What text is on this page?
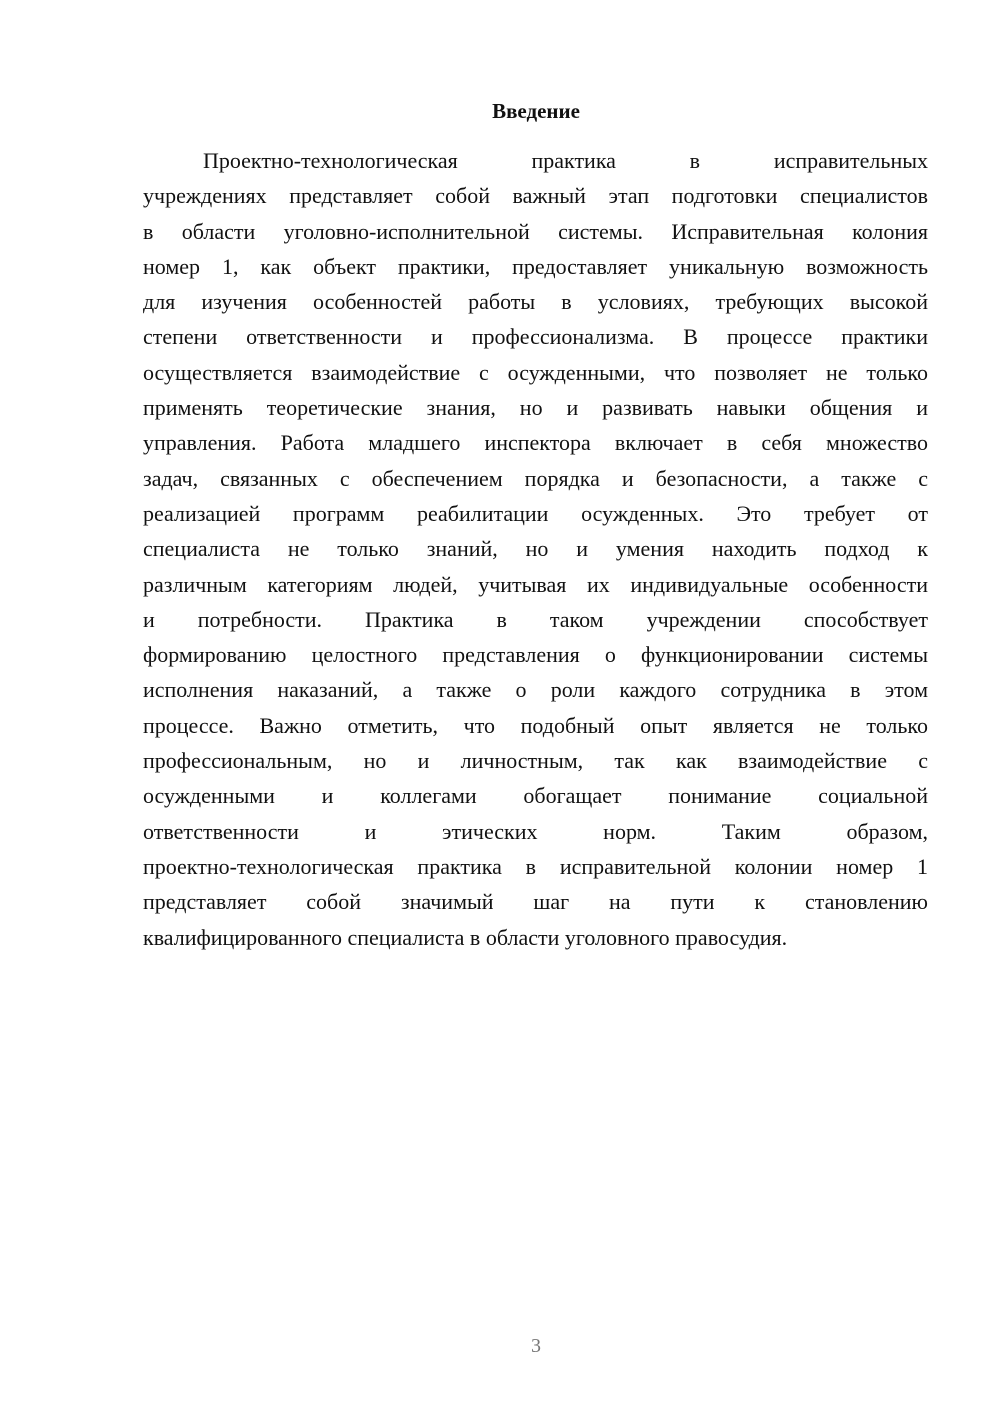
Введение
Проектно-технологическая практика в исправительных
учреждениях представляет собой важный этап подготовки специалистов
в области уголовно-исполнительной системы. Исправительная колония
номер 1, как объект практики, предоставляет уникальную возможность
для изучения особенностей работы в условиях, требующих высокой
степени ответственности и профессионализма. В процессе практики
осуществляется взаимодействие с осужденными, что позволяет не только
применять теоретические знания, но и развивать навыки общения и
управления. Работа младшего инспектора включает в себя множество
задач, связанных с обеспечением порядка и безопасности, а также с
реализацией программ реабилитации осужденных. Это требует от
специалиста не только знаний, но и умения находить подход к
различным категориям людей, учитывая их индивидуальные особенности
и потребности. Практика в таком учреждении способствует
формированию целостного представления о функционировании системы
исполнения наказаний, а также о роли каждого сотрудника в этом
процессе. Важно отметить, что подобный опыт является не только
профессиональным, но и личностным, так как взаимодействие с
осужденными и коллегами обогащает понимание социальной
ответственности и этических норм. Таким образом,
проектно-технологическая практика в исправительной колонии номер 1
представляет собой значимый шаг на пути к становлению
квалифицированного специалиста в области уголовного правосудия.
3
